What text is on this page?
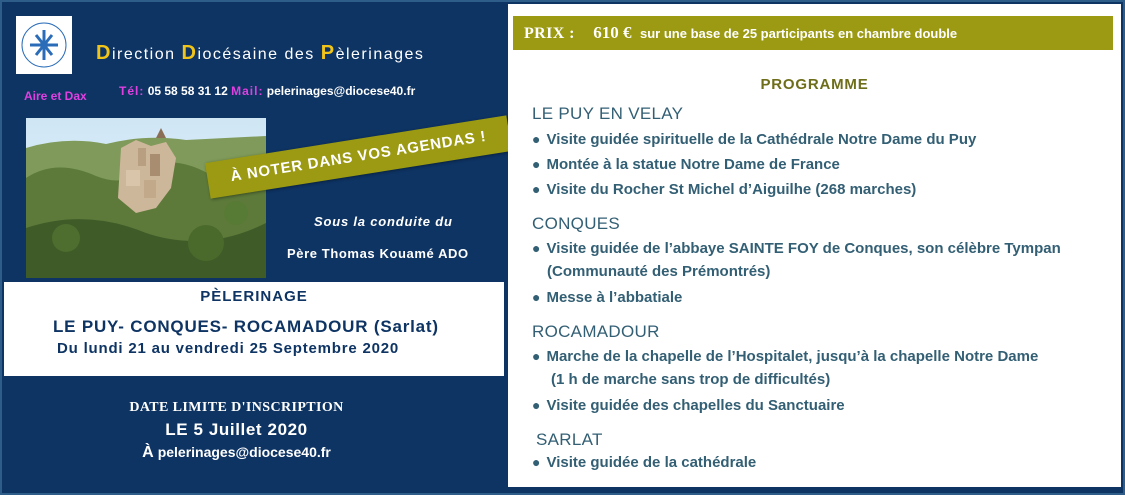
Direction Diocésaine des Pèlerinages
Aire et Dax	Tél: 05 58 58 31 12 Mail: pelerinages@diocese40.fr
À NOTER DANS VOS AGENDAS !
Sous la conduite du
Père Thomas Kouamé ADO
PÈLERINAGE
LE PUY- CONQUES- ROCAMADOUR (Sarlat)
Du lundi 21 au vendredi 25 Septembre 2020
DATE LIMITE D'INSCRIPTION
LE 5 Juillet 2020
À pelerinages@diocese40.fr
PRIX : 610 € sur une base de 25 participants en chambre double
PROGRAMME
LE PUY EN VELAY
● Visite guidée spirituelle de la Cathédrale Notre Dame du Puy
● Montée à la statue Notre Dame de France
● Visite du Rocher St Michel d’Aiguilhe (268 marches)
CONQUES
● Visite guidée de l’abbaye SAINTE FOY de Conques, son célèbre Tympan
(Communauté des Prémontrés)
● Messe à l’abbatiale
ROCAMADOUR
● Marche de la chapelle de l’Hospitalet, jusqu’à la chapelle Notre Dame
(1 h de marche sans trop de difficultés)
● Visite guidée des chapelles du Sanctuaire
SARLAT
● Visite guidée de la cathédrale
